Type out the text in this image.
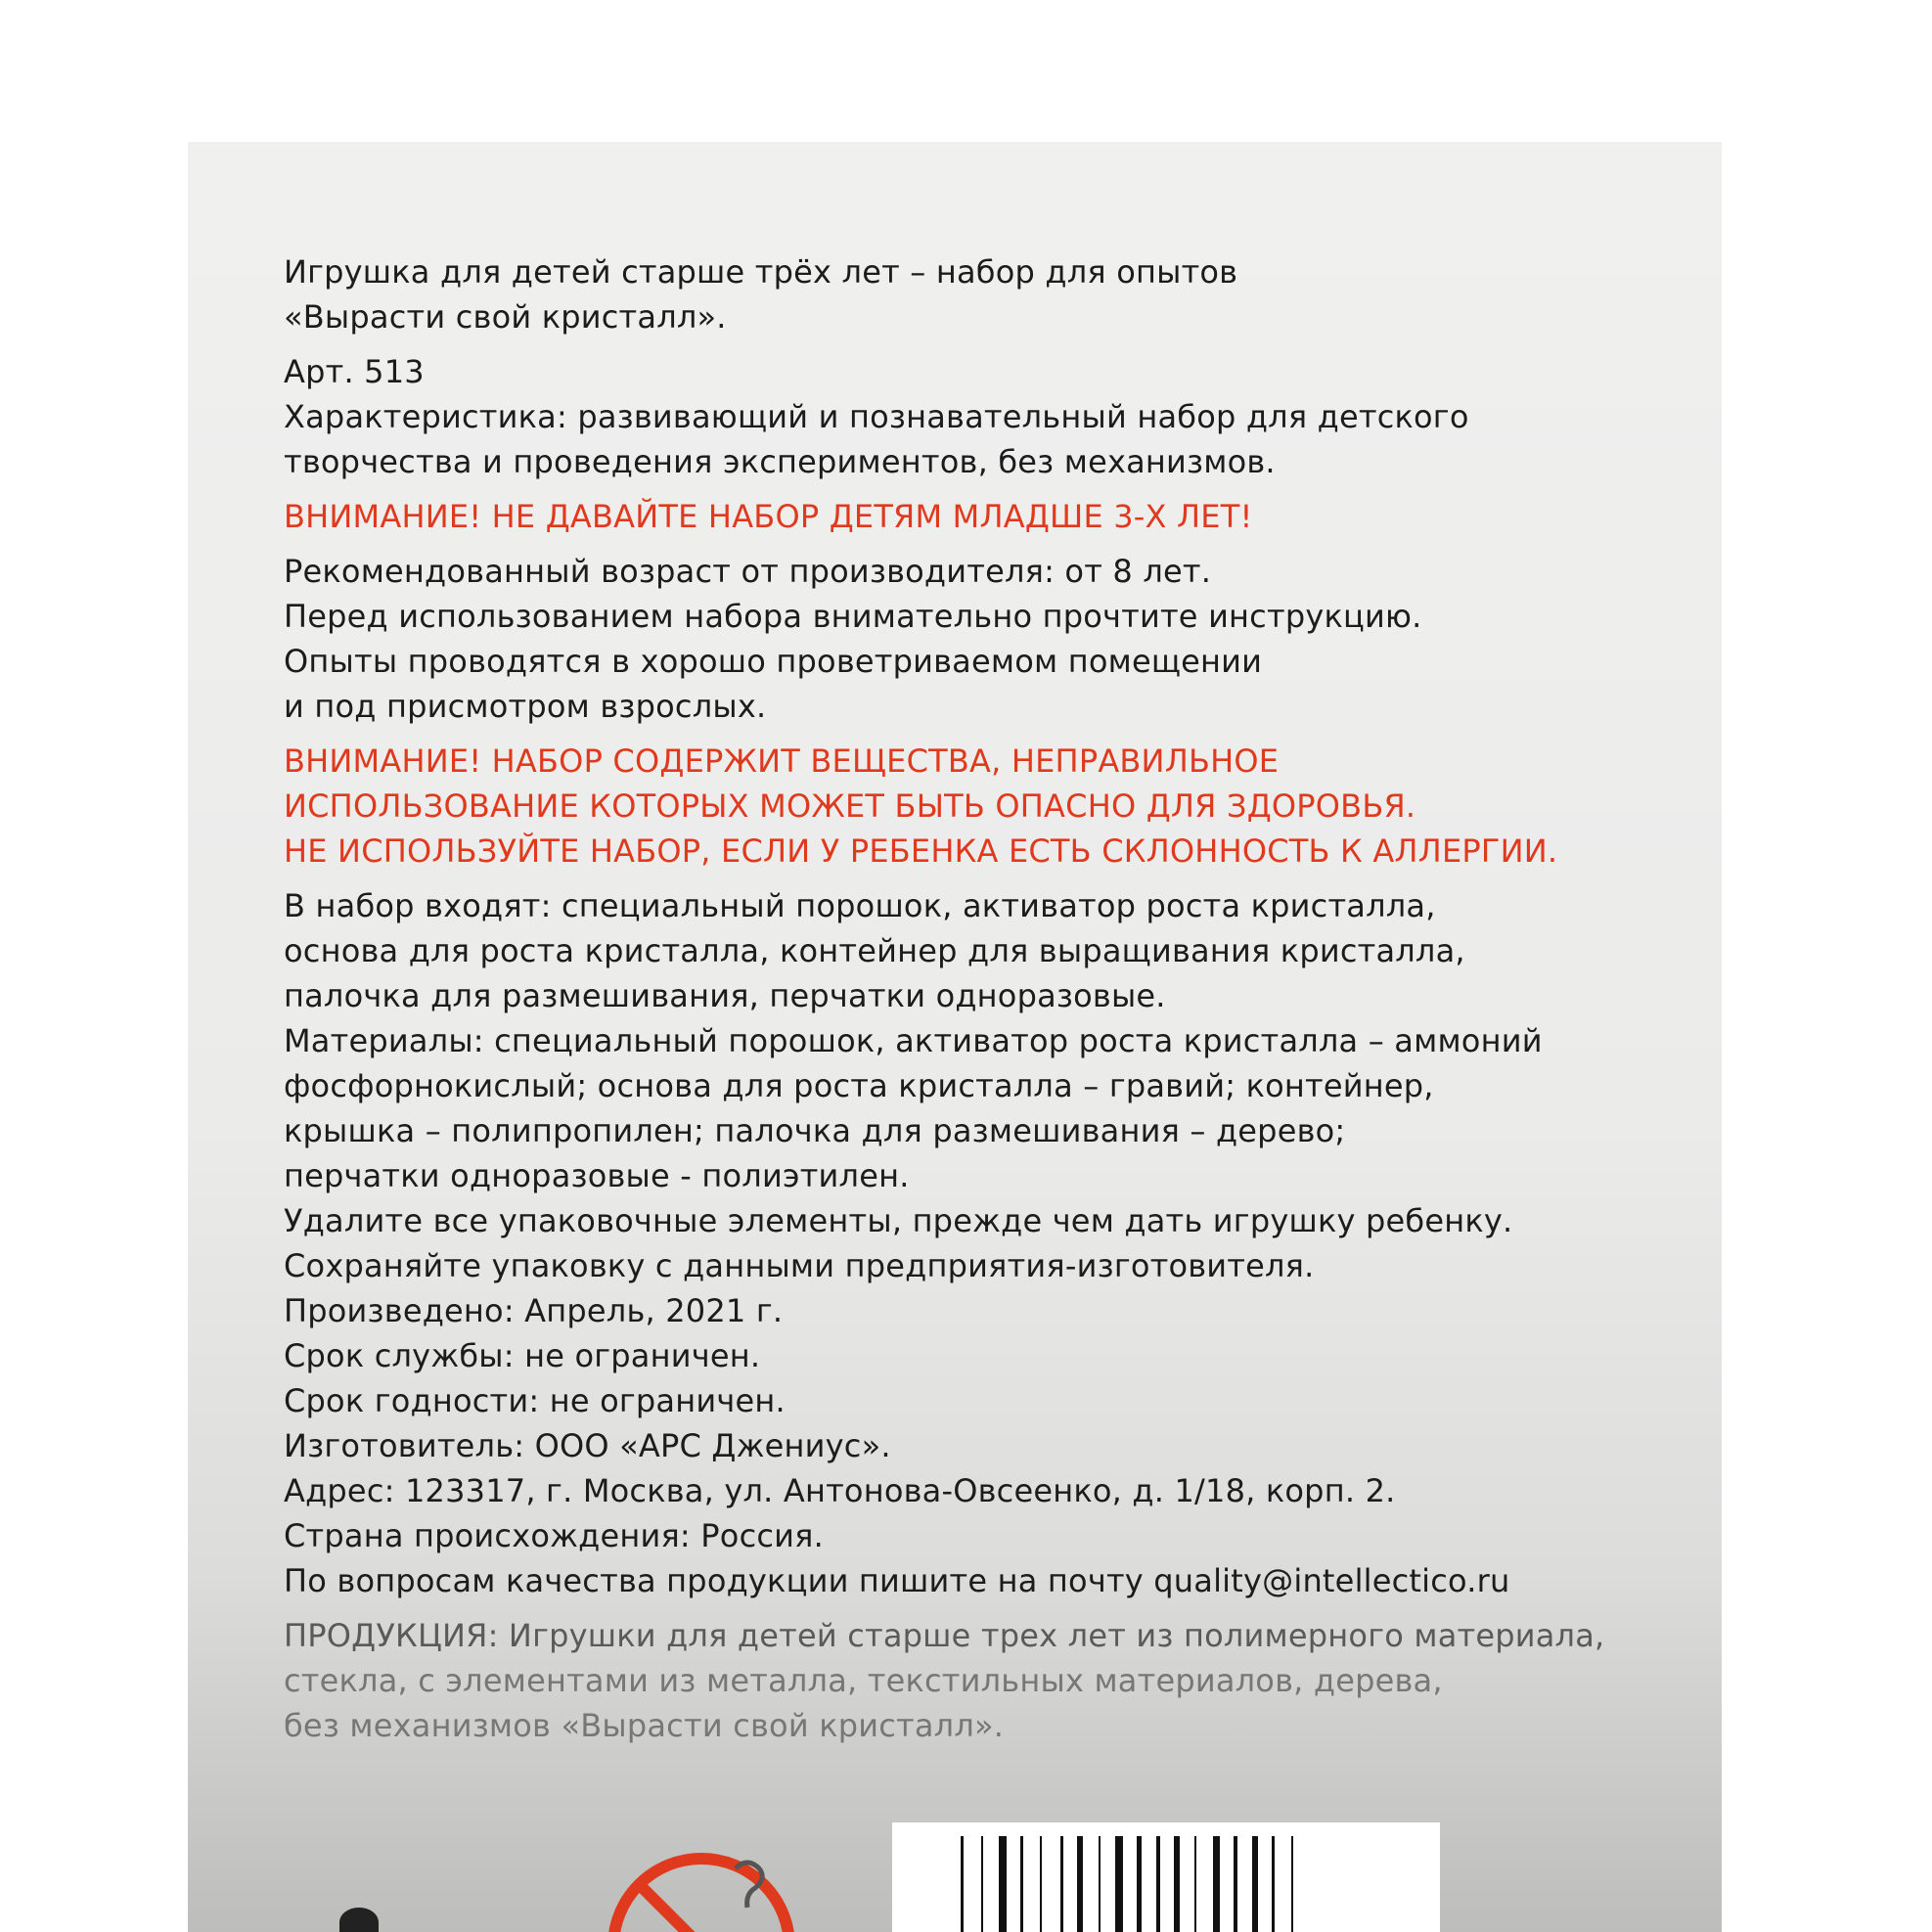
Игрушка для детей старше трёх лет – набор для опытов
«Вырасти свой кристалл».
Арт. 513
Характеристика: развивающий и познавательный набор для детского
творчества и проведения экспериментов, без механизмов.
ВНИМАНИЕ! НЕ ДАВАЙТЕ НАБОР ДЕТЯМ МЛАДШЕ 3-Х ЛЕТ!
Рекомендованный возраст от производителя: от 8 лет.
Перед использованием набора внимательно прочтите инструкцию.
Опыты проводятся в хорошо проветриваемом помещении
и под присмотром взрослых.
ВНИМАНИЕ! НАБОР СОДЕРЖИТ ВЕЩЕСТВА, НЕПРАВИЛЬНОЕ
ИСПОЛЬЗОВАНИЕ КОТОРЫХ МОЖЕТ БЫТЬ ОПАСНО ДЛЯ ЗДОРОВЬЯ.
НЕ ИСПОЛЬЗУЙТЕ НАБОР, ЕСЛИ У РЕБЕНКА ЕСТЬ СКЛОННОСТЬ К АЛЛЕРГИИ.
В набор входят: специальный порошок, активатор роста кристалла,
основа для роста кристалла, контейнер для выращивания кристалла,
палочка для размешивания, перчатки одноразовые.
Материалы: специальный порошок, активатор роста кристалла – аммоний
фосфорнокислый; основа для роста кристалла – гравий; контейнер,
крышка – полипропилен; палочка для размешивания – дерево;
перчатки одноразовые - полиэтилен.
Удалите все упаковочные элементы, прежде чем дать игрушку ребенку.
Сохраняйте упаковку с данными предприятия-изготовителя.
Произведено: Апрель, 2021 г.
Срок службы: не ограничен.
Срок годности: не ограничен.
Изготовитель: ООО «АРС Джениус».
Адрес: 123317, г. Москва, ул. Антонова-Овсеенко, д. 1/18, корп. 2.
Страна происхождения: Россия.
По вопросам качества продукции пишите на почту quality@intellectico.ru
ПРОДУКЦИЯ: Игрушки для детей старше трех лет из полимерного материала,
стекла, с элементами из металла, текстильных материалов, дерева,
без механизмов «Вырасти свой кристалл».
